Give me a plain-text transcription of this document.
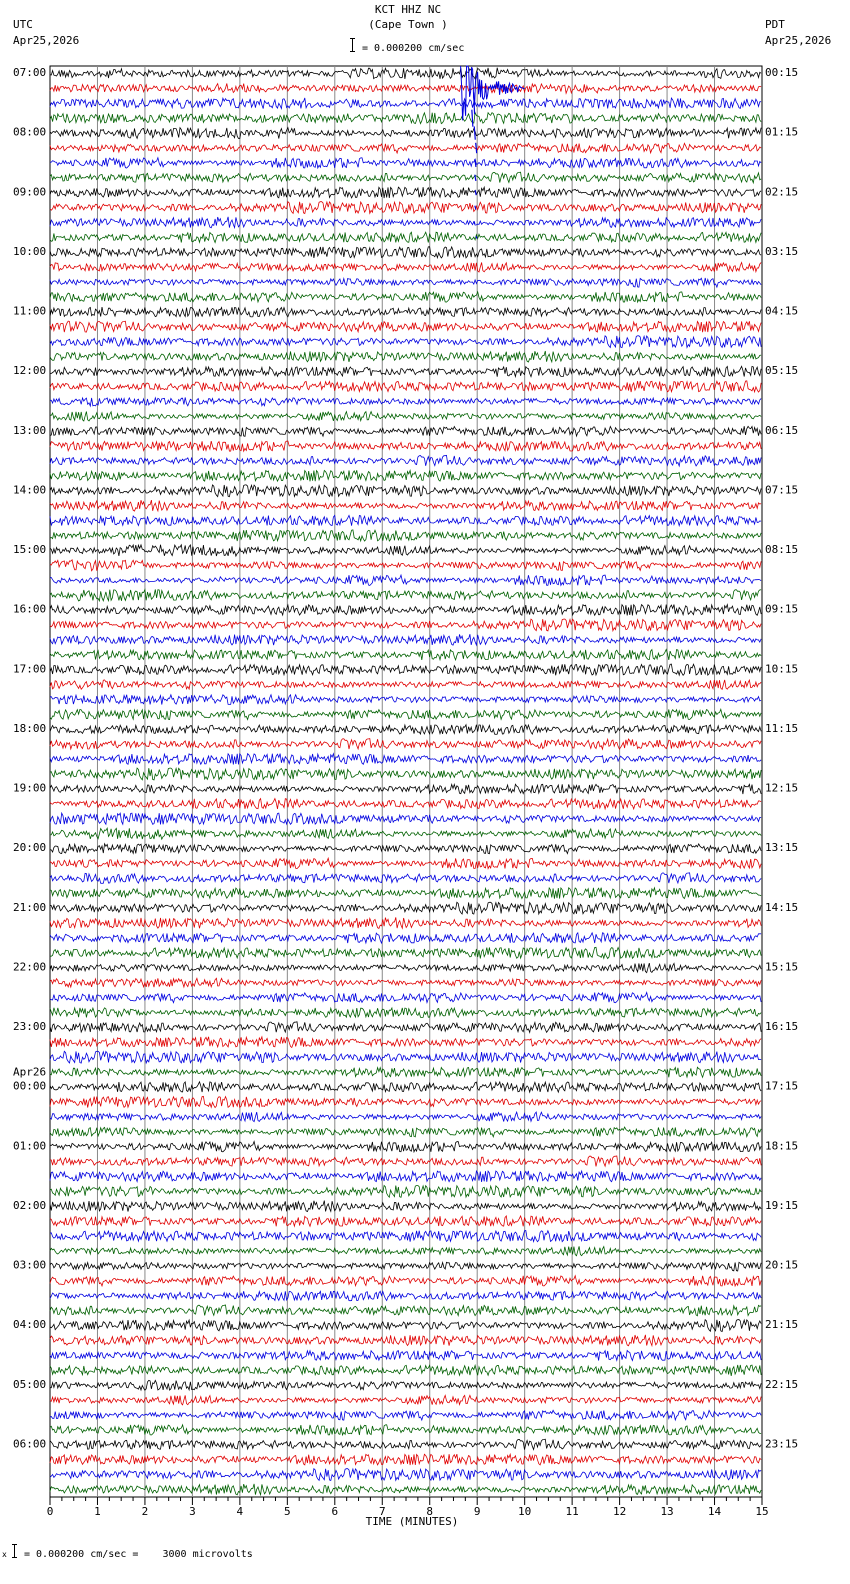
KCT HHZ NC
(Cape Town )
= 0.000200 cm/sec
UTC
Apr25,2026
PDT
Apr25,2026
07:00	00:15
08:00	01:15
09:00	02:15
10:00	03:15
11:00	04:15
12:00	05:15
13:00	06:15
14:00	07:15
15:00	08:15
16:00	09:15
17:00	10:15
18:00	11:15
19:00	12:15
20:00	13:15
21:00	14:15
22:00	15:15
23:00	16:15
00:00	17:15
01:00	18:15
02:00	19:15
03:00	20:15
04:00	21:15
05:00	22:15
06:00	23:15
Apr26
0	1	2	3	4	5	6	7	8	9	10	11	12	13	14	15
TIME (MINUTES)
x = 0.000200 cm/sec =    3000 microvolts
